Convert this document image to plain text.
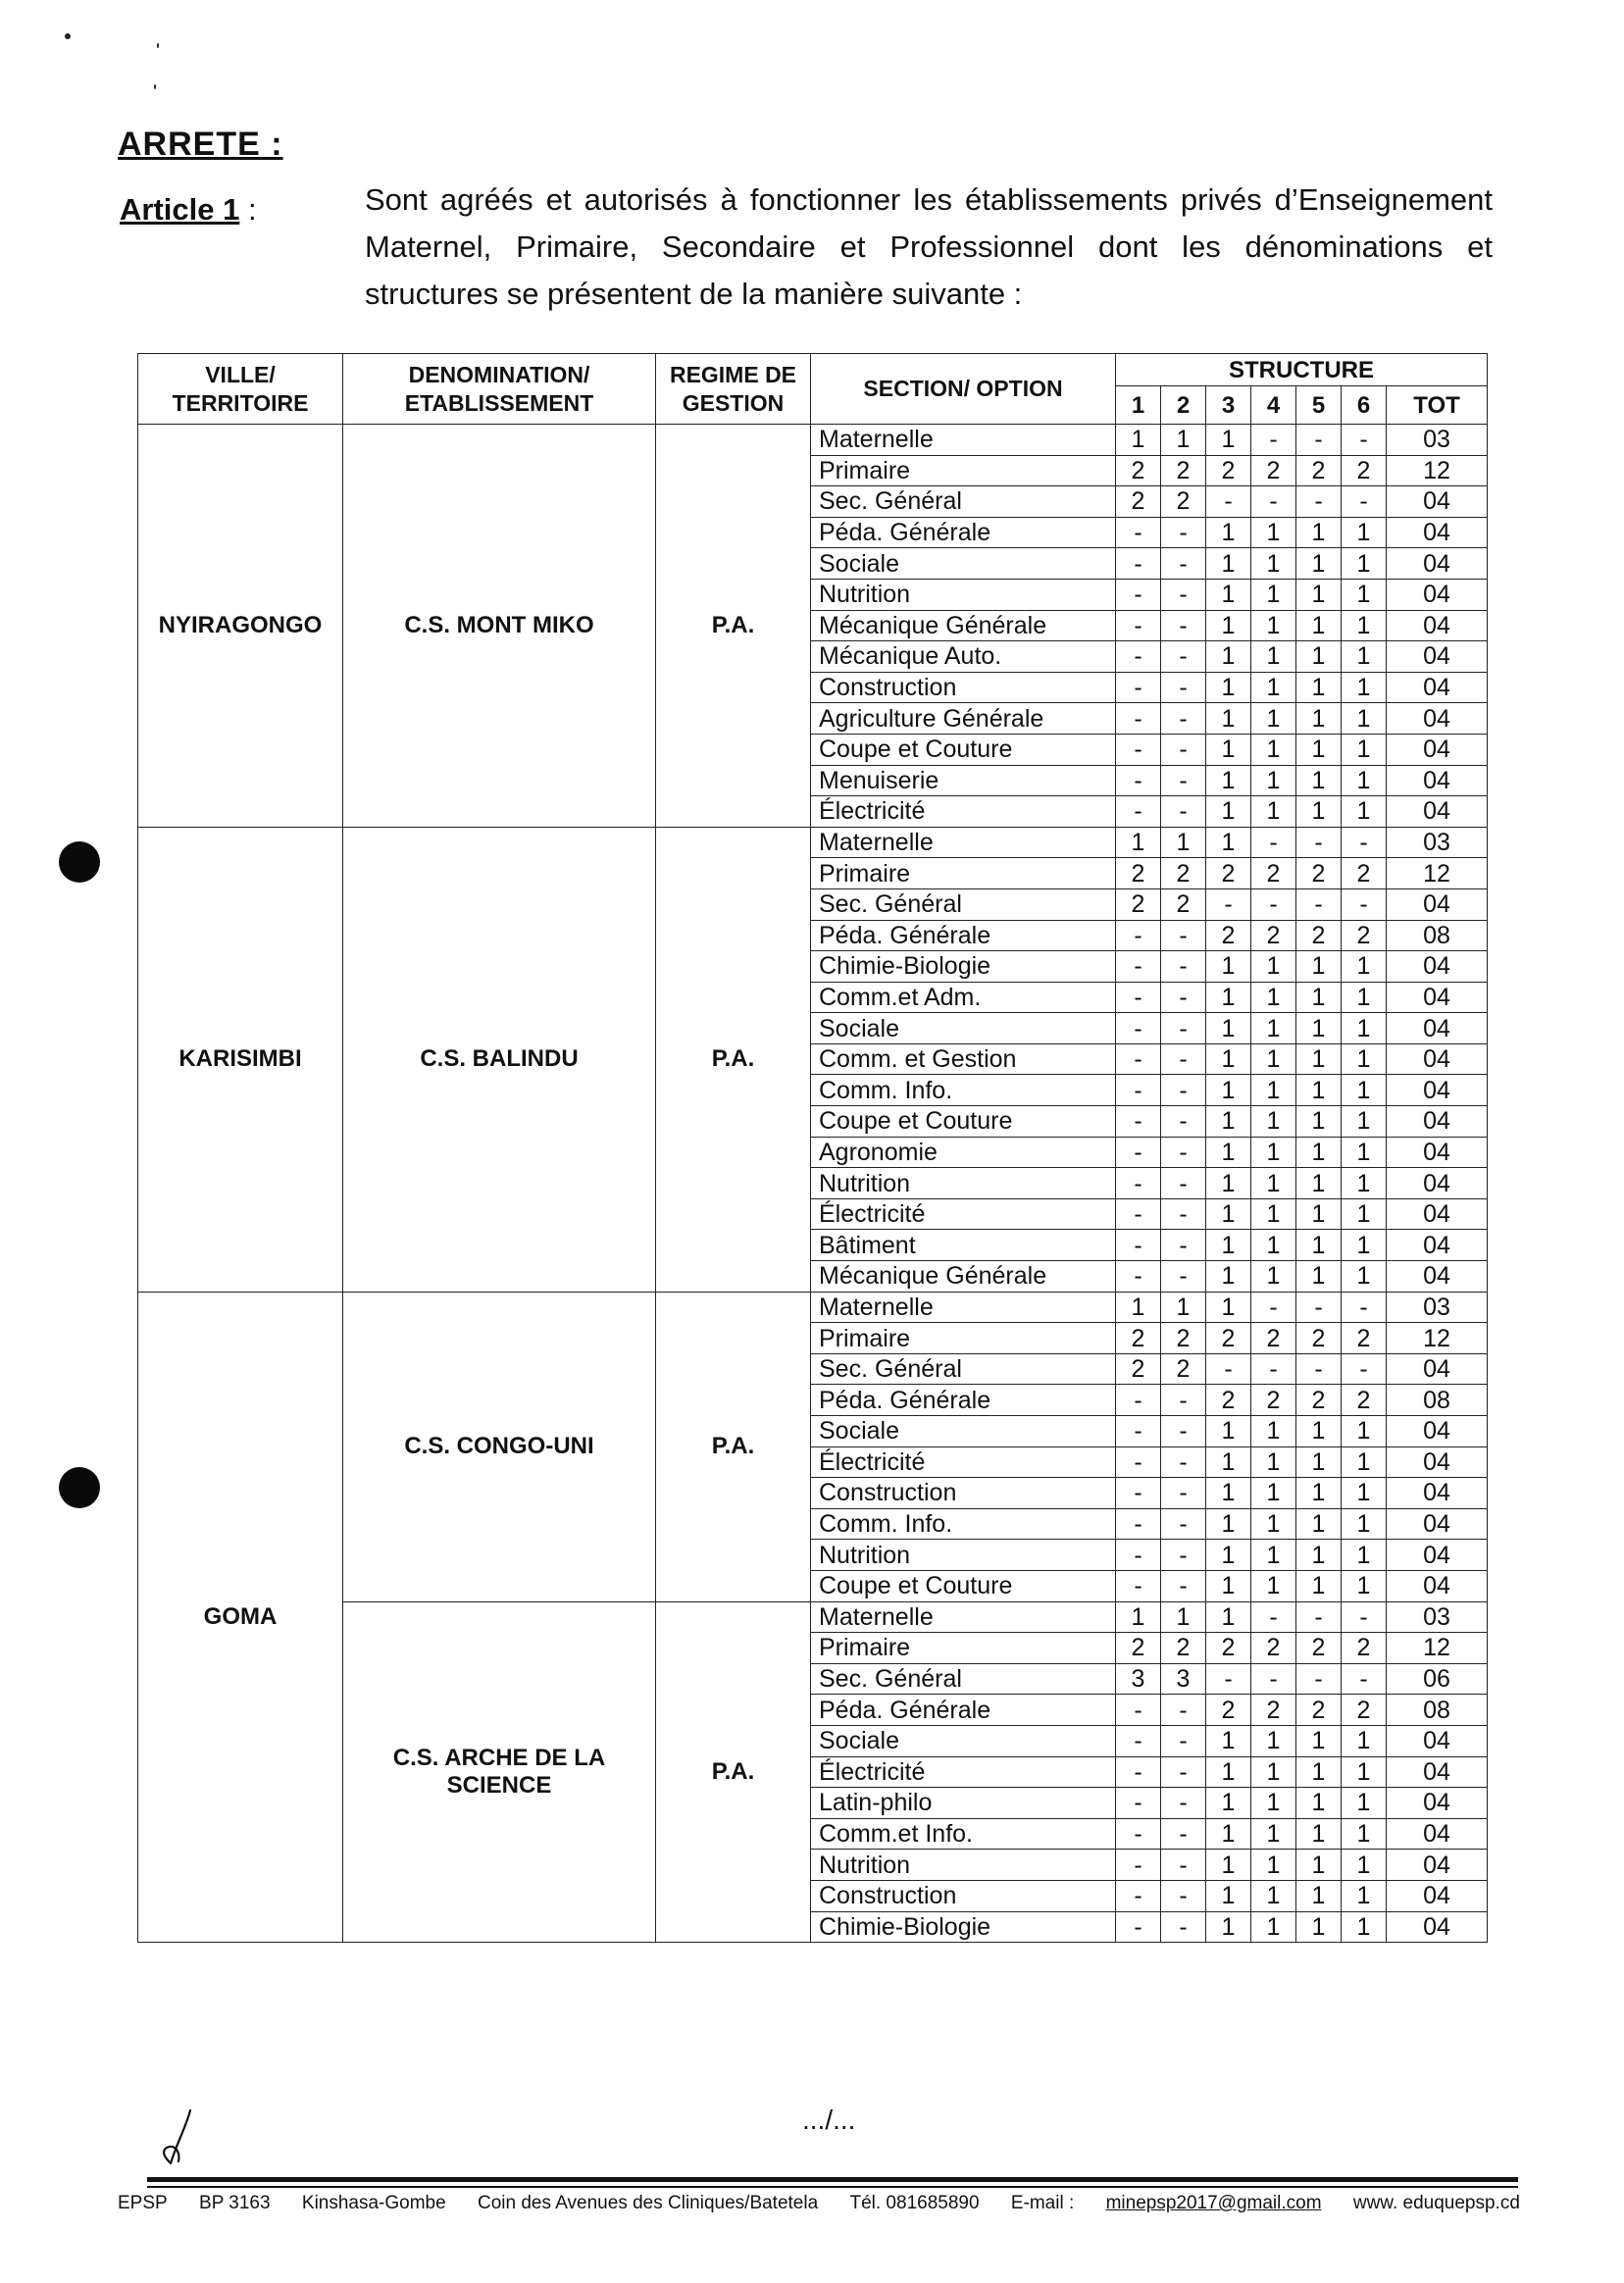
ARRETE :
Article 1 :	Sont agréés et autorisés à fonctionner les établissements privés d’Enseignement Maternel, Primaire, Secondaire et Professionnel dont les dénominations et structures se présentent de la manière suivante :
VILLE/ TERRITOIRE	DENOMINATION/ ETABLISSEMENT	REGIME DE GESTION	SECTION/ OPTION	STRUCTURE						
				1	2	3	4	5	6	TOT
NYIRAGONGO	C.S. MONT MIKO	P.A.	Maternelle	1	1	1	-	-	-	03
			Primaire	2	2	2	2	2	2	12
			Sec. Général	2	2	-	-	-	-	04
			Péda. Générale	-	-	1	1	1	1	04
			Sociale	-	-	1	1	1	1	04
			Nutrition	-	-	1	1	1	1	04
			Mécanique Générale	-	-	1	1	1	1	04
			Mécanique Auto.	-	-	1	1	1	1	04
			Construction	-	-	1	1	1	1	04
			Agriculture Générale	-	-	1	1	1	1	04
			Coupe et Couture	-	-	1	1	1	1	04
			Menuiserie	-	-	1	1	1	1	04
			Électricité	-	-	1	1	1	1	04
KARISIMBI	C.S. BALINDU	P.A.	Maternelle	1	1	1	-	-	-	03
			Primaire	2	2	2	2	2	2	12
			Sec. Général	2	2	-	-	-	-	04
			Péda. Générale	-	-	2	2	2	2	08
			Chimie-Biologie	-	-	1	1	1	1	04
			Comm.et Adm.	-	-	1	1	1	1	04
			Sociale	-	-	1	1	1	1	04
			Comm. et Gestion	-	-	1	1	1	1	04
			Comm. Info.	-	-	1	1	1	1	04
			Coupe et Couture	-	-	1	1	1	1	04
			Agronomie	-	-	1	1	1	1	04
			Nutrition	-	-	1	1	1	1	04
			Électricité	-	-	1	1	1	1	04
			Bâtiment	-	-	1	1	1	1	04
			Mécanique Générale	-	-	1	1	1	1	04
GOMA	C.S. CONGO-UNI	P.A.	Maternelle	1	1	1	-	-	-	03
			Primaire	2	2	2	2	2	2	12
			Sec. Général	2	2	-	-	-	-	04
			Péda. Générale	-	-	2	2	2	2	08
			Sociale	-	-	1	1	1	1	04
			Électricité	-	-	1	1	1	1	04
			Construction	-	-	1	1	1	1	04
			Comm. Info.	-	-	1	1	1	1	04
			Nutrition	-	-	1	1	1	1	04
			Coupe et Couture	-	-	1	1	1	1	04
	C.S. ARCHE DE LA SCIENCE	P.A.	Maternelle	1	1	1	-	-	-	03
			Primaire	2	2	2	2	2	2	12
			Sec. Général	3	3	-	-	-	-	06
			Péda. Générale	-	-	2	2	2	2	08
			Sociale	-	-	1	1	1	1	04
			Électricité	-	-	1	1	1	1	04
			Latin-philo	-	-	1	1	1	1	04
			Comm.et Info.	-	-	1	1	1	1	04
			Nutrition	-	-	1	1	1	1	04
			Construction	-	-	1	1	1	1	04
			Chimie-Biologie	-	-	1	1	1	1	04
.../...
EPSP BP 3163 Kinshasa-Gombe Coin des Avenues des Cliniques/Batetela Tél. 081685890 E-mail : minepsp2017@gmail.com www. eduquepsp.cd
